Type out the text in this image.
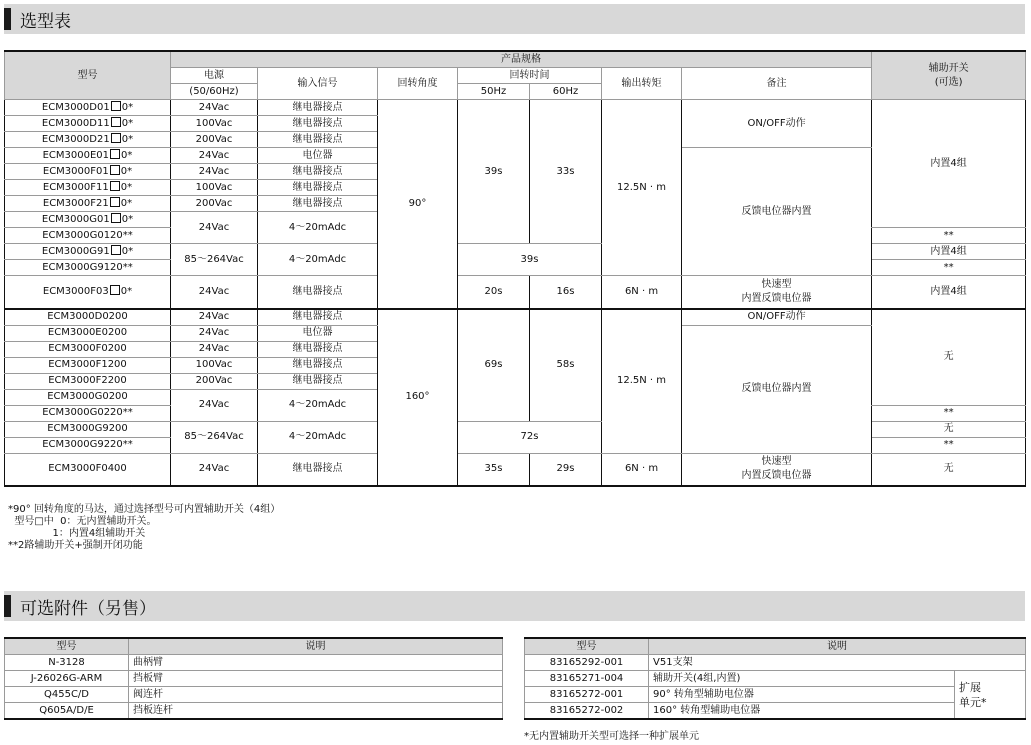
选型表
型号	产品规格							辅助开关
(可选)

	电源	输入信号	回转角度	回转时间		输出转矩	备注	
	(50/60Hz)			50Hz	60Hz			
ECM3000D01 0*	24Vac	继电器接点	90°	39s	33s	12.5N · m	ON/OFF动作	内置4组
ECM3000D11 0*	100Vac	继电器接点						
ECM3000D21 0*	200Vac	继电器接点						
ECM3000E01 0*	24Vac	电位器					反馈电位器内置	
ECM3000F01 0*	24Vac	继电器接点						
ECM3000F11 0*	100Vac	继电器接点						
ECM3000F21 0*	200Vac	继电器接点						
ECM3000G01 0*	24Vac	4～20mAdc						
ECM3000G0120**								**
ECM3000G91 0*	85～264Vac	4～20mAdc		39s				内置4组
ECM3000G9120**								**
ECM3000F03 0*	24Vac	继电器接点		20s	16s	6N · m	快速型
内置反馈电位器	内置4组
ECM3000D0200	24Vac	继电器接点	160°	69s	58s	12.5N · m	ON/OFF动作	无
ECM3000E0200	24Vac	电位器					反馈电位器内置	
ECM3000F0200	24Vac	继电器接点						
ECM3000F1200	100Vac	继电器接点						
ECM3000F2200	200Vac	继电器接点						
ECM3000G0200	24Vac	4～20mAdc						
ECM3000G0220**								**
ECM3000G9200	85～264Vac	4～20mAdc		72s				无
ECM3000G9220**								**
ECM3000F0400	24Vac	继电器接点		35s	29s	6N · m	快速型
内置反馈电位器	无
*90° 回转角度的马达，通过选择型号可内置辅助开关（4组）
型号□中  0：无内置辅助开关。
1：内置4组辅助开关
**2路辅助开关+强制开闭功能
可选附件（另售）
型号	说明
N-3128	曲柄臂
J-26026G-ARM	挡板臂
Q455C/D	阀连杆
Q605A/D/E	挡板连杆
型号	说明	
83165292-001	V51支架	
83165271-004	辅助开关(4组,内置)	扩展
单元*

83165272-001	90° 转角型辅助电位器	
83165272-002	160° 转角型辅助电位器	
*无内置辅助开关型可选择一种扩展单元
